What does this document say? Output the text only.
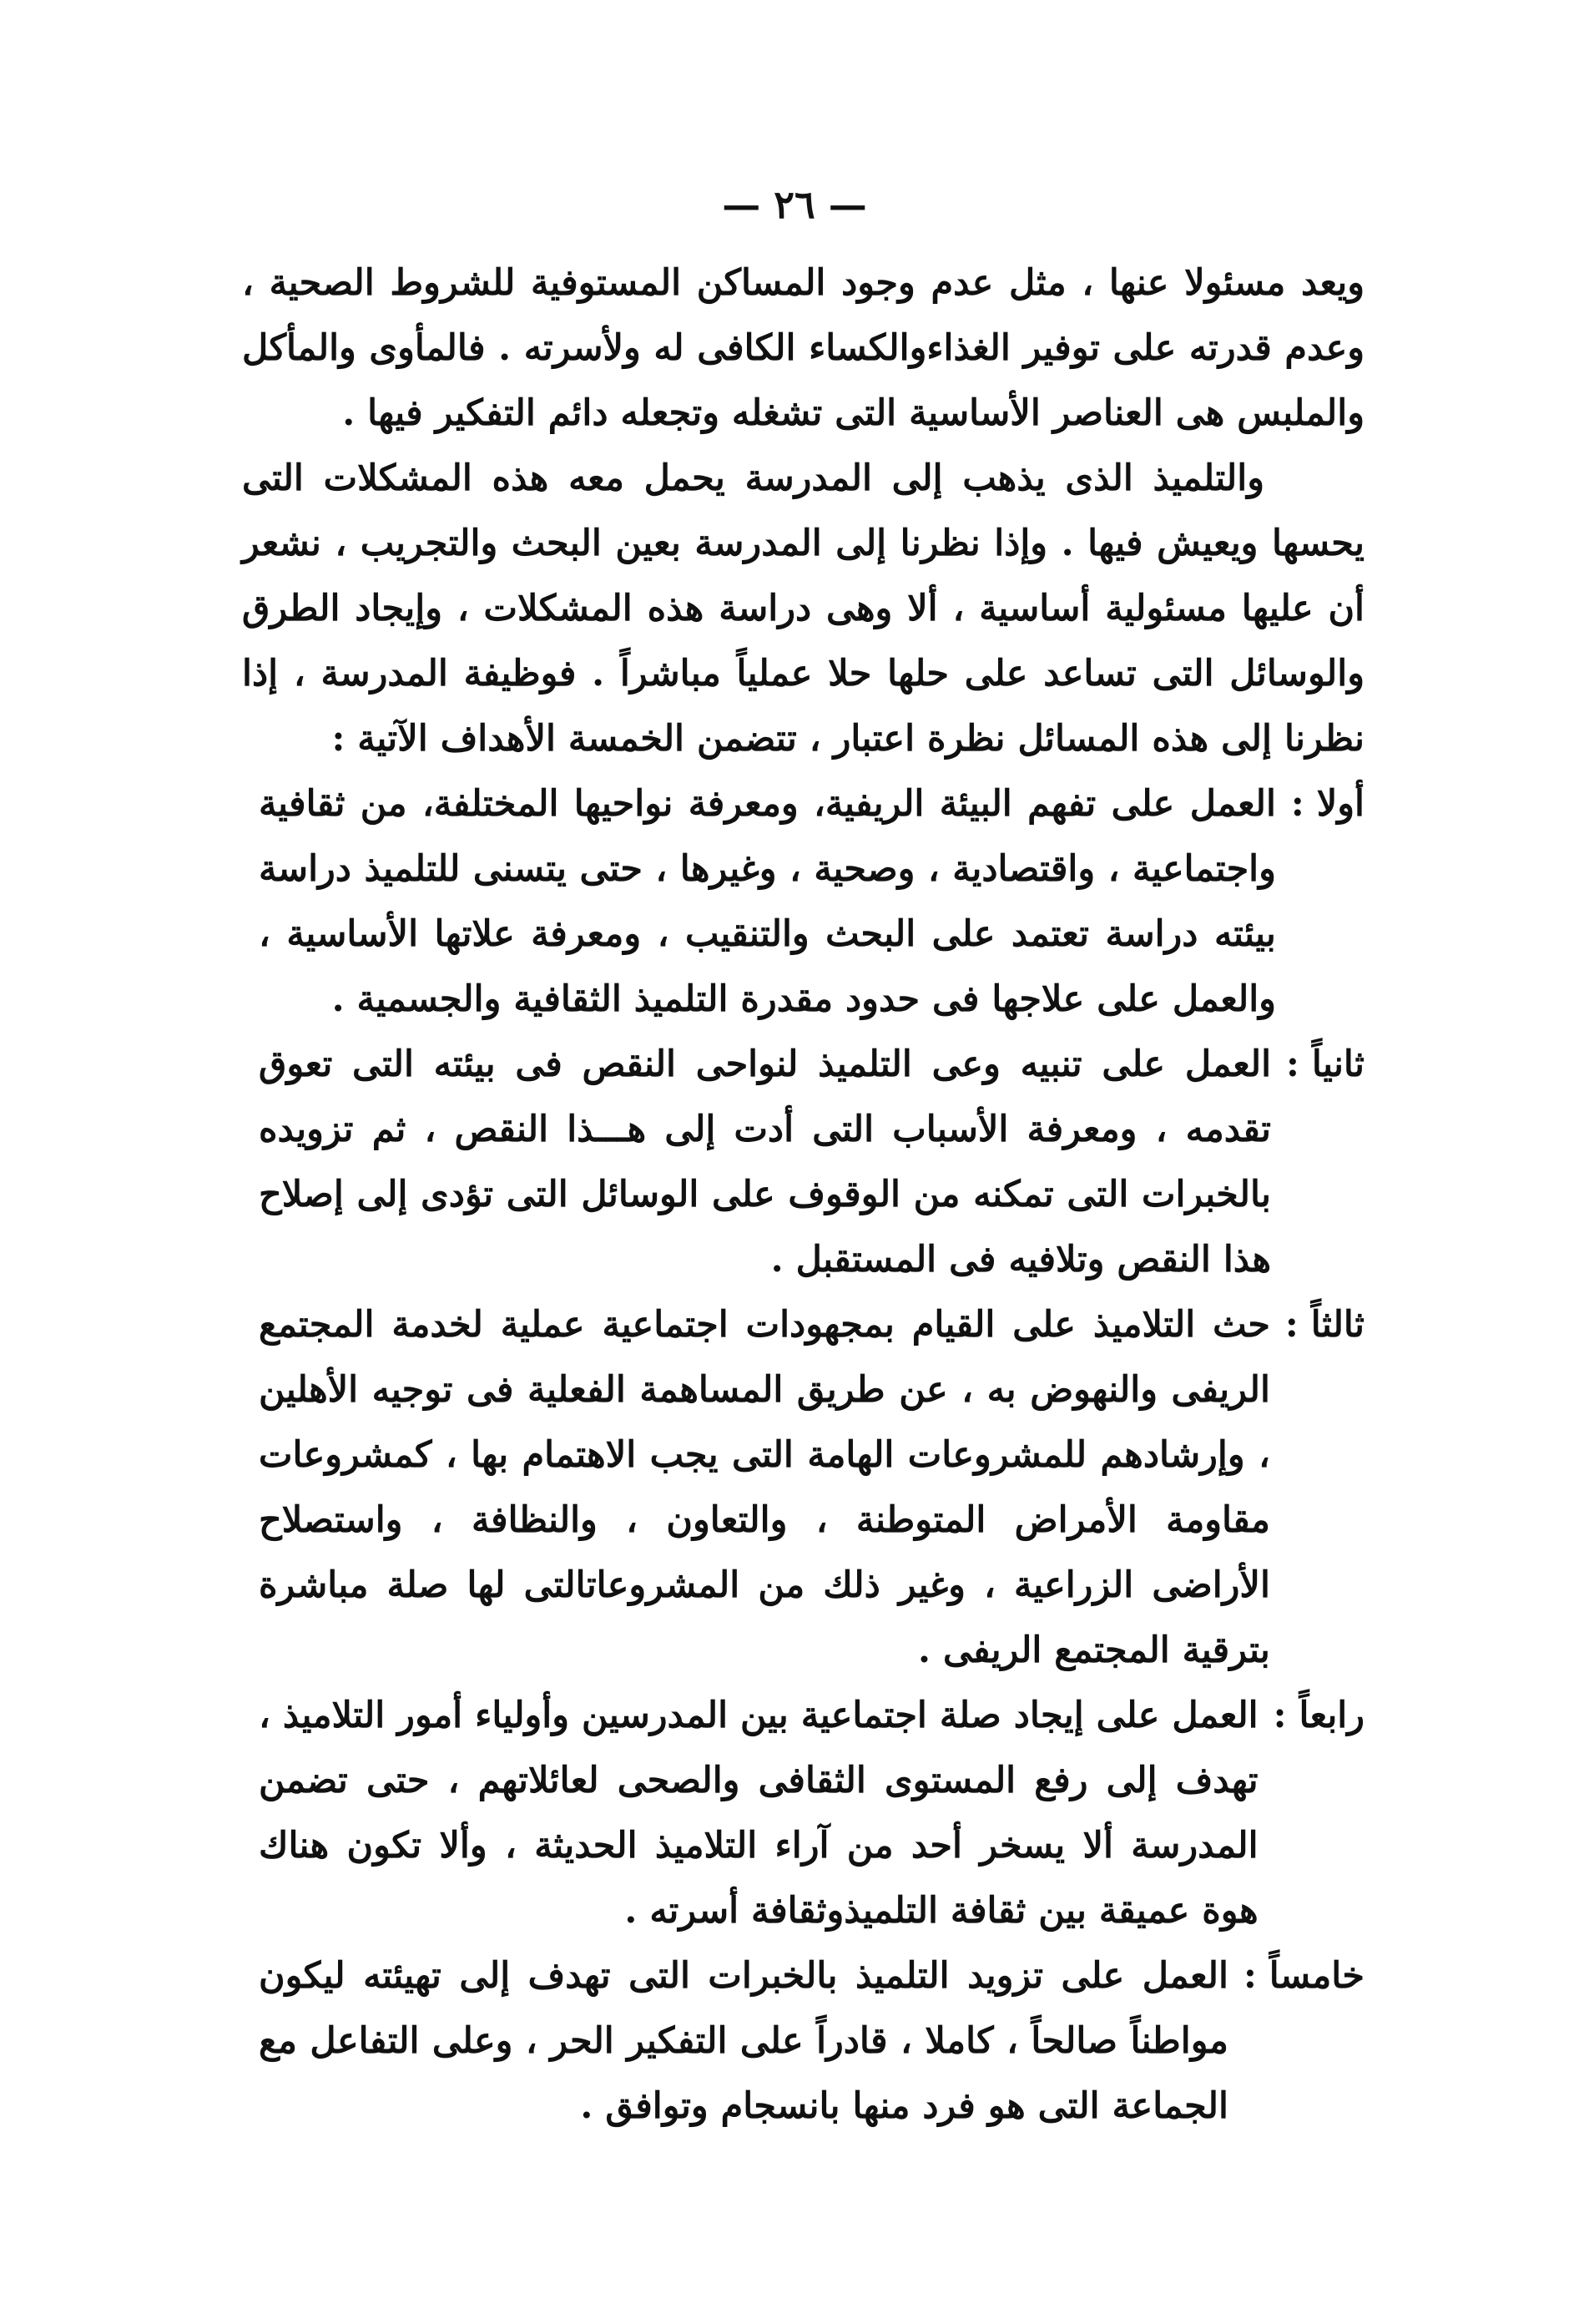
— ٢٦ —

ويعد مسئولا عنها ، مثل عدم وجود المساكن المستوفية للشروط الصحية ، وعدم قدرته على توفير الغذاءوالكساء الكافى له ولأسرته . فالمأوى والمأكل والملبس هى العناصر الأساسية التى تشغله وتجعله دائم التفكير فيها .

والتلميذ الذى يذهب إلى المدرسة يحمل معه هذه المشكلات التى يحسها ويعيش فيها . وإذا نظرنا إلى المدرسة بعين البحث والتجريب ، نشعر أن عليها مسئولية أساسية ، ألا وهى دراسة هذه المشكلات ، وإيجاد الطرق والوسائل التى تساعد على حلها حلا عملياً مباشراً . فوظيفة المدرسة ، إذا نظرنا إلى هذه المسائل نظرة اعتبار ، تتضمن الخمسة الأهداف الآتية :

أولا :

العمل على تفهم البيئة الريفية، ومعرفة نواحيها المختلفة، من ثقافية واجتماعية ، واقتصادية ، وصحية ، وغيرها ، حتى يتسنى للتلميذ دراسة بيئته دراسة تعتمد على البحث والتنقيب ، ومعرفة علاتها الأساسية ، والعمل على علاجها فى حدود مقدرة التلميذ الثقافية والجسمية .

ثانياً :

العمل على تنبيه وعى التلميذ لنواحى النقص فى بيئته التى تعوق تقدمه ، ومعرفة الأسباب التى أدت إلى هـــذا النقص ، ثم تزويده بالخبرات التى تمكنه من الوقوف على الوسائل التى تؤدى إلى إصلاح هذا النقص وتلافيه فى المستقبل .

ثالثاً :

حث التلاميذ على القيام بمجهودات اجتماعية عملية لخدمة المجتمع الريفى والنهوض به ، عن طريق المساهمة الفعلية فى توجيه الأهلين ، وإرشادهم للمشروعات الهامة التى يجب الاهتمام بها ، كمشروعات مقاومة الأمراض المتوطنة ، والتعاون ، والنظافة ، واستصلاح الأراضى الزراعية ، وغير ذلك من المشروعاتالتى لها صلة مباشرة بترقية المجتمع الريفى .

رابعاً :

العمل على إيجاد صلة اجتماعية بين المدرسين وأولياء أمور التلاميذ ، تهدف إلى رفع المستوى الثقافى والصحى لعائلاتهم ، حتى تضمن المدرسة ألا يسخر أحد من آراء التلاميذ الحديثة ، وألا تكون هناك هوة عميقة بين ثقافة التلميذوثقافة أسرته .

خامساً :

العمل على تزويد التلميذ بالخبرات التى تهدف إلى تهيئته ليكون مواطناً صالحاً ، كاملا ، قادراً على التفكير الحر ، وعلى التفاعل مع الجماعة التى هو فرد منها بانسجام وتوافق .
